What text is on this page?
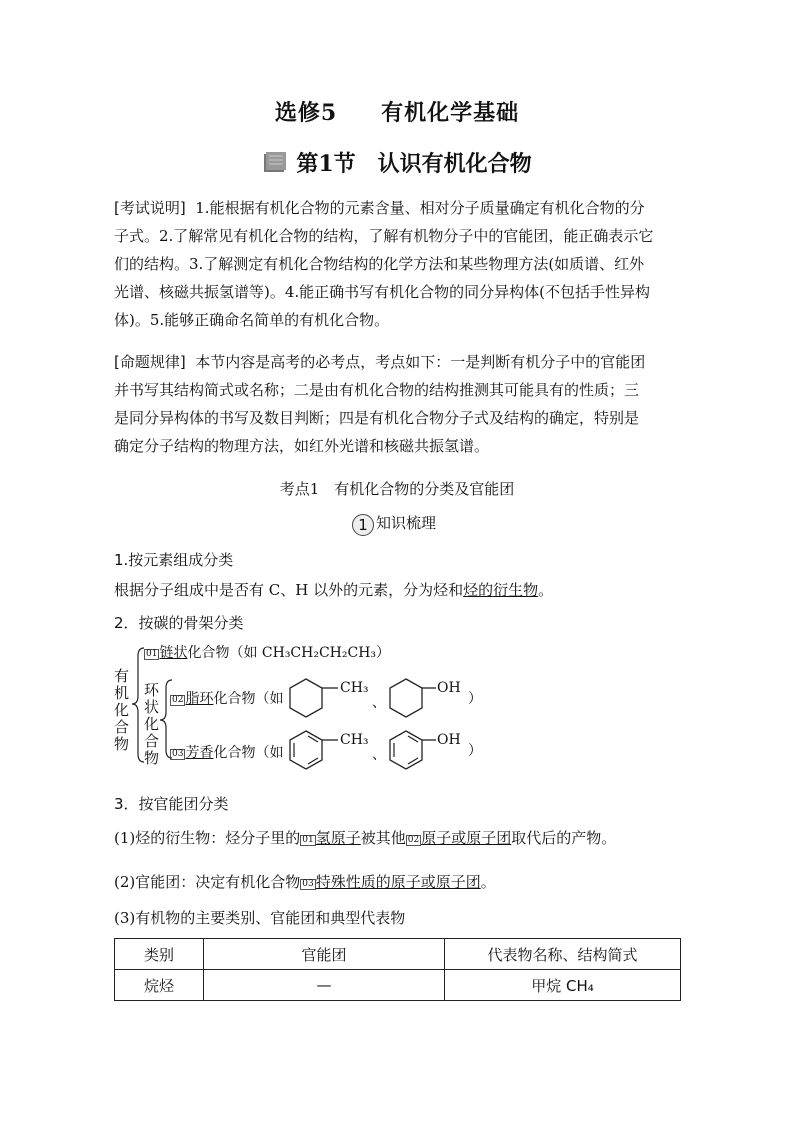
选修5 有机化学基础
第1节 认识有机化合物
[考试说明] 1.能根据有机化合物的元素含量、相对分子质量确定有机化合物的分
子式。2.了解常见有机化合物的结构，了解有机物分子中的官能团，能正确表示它
们的结构。3.了解测定有机化合物结构的化学方法和某些物理方法(如质谱、红外
光谱、核磁共振氢谱等)。4.能正确书写有机化合物的同分异构体(不包括手性异构
体)。5.能够正确命名简单的有机化合物。
[命题规律] 本节内容是高考的必考点，考点如下：一是判断有机分子中的官能团
并书写其结构简式或名称；二是由有机化合物的结构推测其可能具有的性质；三
是同分异构体的书写及数目判断；四是有机化合物分子式及结构的确定，特别是
确定分子结构的物理方法，如红外光谱和核磁共振氢谱。
考点1　有机化合物的分类及官能团
1 知识梳理
1.按元素组成分类
根据分子组成中是否有 C、H 以外的元素，分为烃和烃的衍生物。
2．按碳的骨架分类
有
机
化
合
物
环
状
化
合
物
01 链状化合物（如 CH₃CH₂CH₂CH₃）
02 脂环化合物（如
CH₃
、
OH
）
03 芳香化合物（如
CH₃
、
OH
）
3．按官能团分类
(1)烃的衍生物：烃分子里的 01 氢原子被其他 02 原子或原子团取代后的产物。
(2)官能团：决定有机化合物 03 特殊性质的原子或原子团。
(3)有机物的主要类别、官能团和典型代表物
类别	官能团	代表物名称、结构简式
烷烃	—	甲烷 CH₄
